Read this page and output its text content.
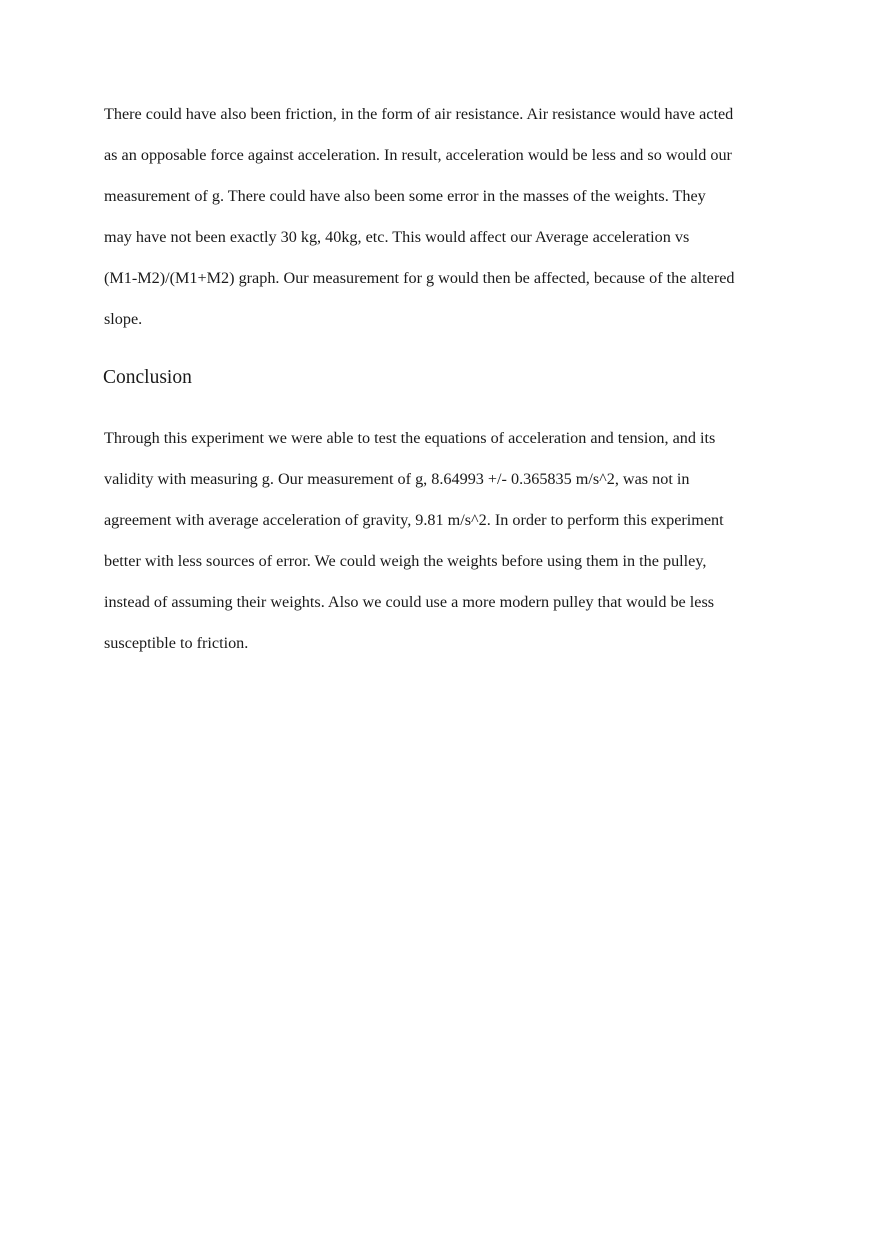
There could have also been friction, in the form of air resistance. Air resistance would have acted
as an opposable force against acceleration. In result, acceleration would be less and so would our
measurement of g. There could have also been some error in the masses of the weights. They
may have not been exactly 30 kg, 40kg, etc. This would affect our Average acceleration vs
(M1-M2)/(M1+M2) graph. Our measurement for g would then be affected, because of the altered
slope.
Conclusion
Through this experiment we were able to test the equations of acceleration and tension, and its
validity with measuring g. Our measurement of g, 8.64993 +/- 0.365835 m/s^2, was not in
agreement with average acceleration of gravity, 9.81 m/s^2. In order to perform this experiment
better with less sources of error. We could weigh the weights before using them in the pulley,
instead of assuming their weights. Also we could use a more modern pulley that would be less
susceptible to friction.
